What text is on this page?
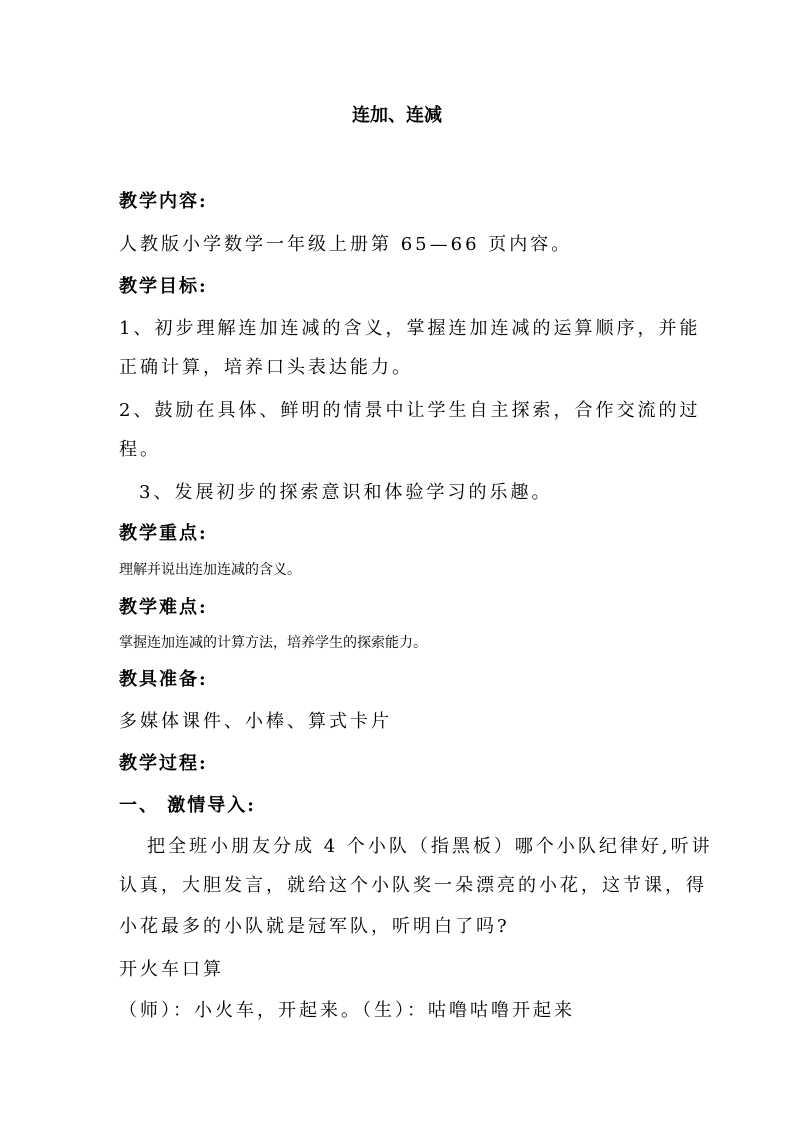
连加、连减
教学内容:
人教版小学数学一年级上册第 65—66 页内容。
教学目标:
1、初步理解连加连减的含义，掌握连加连减的运算顺序，并能
正确计算，培养口头表达能力。
2、鼓励在具体、鲜明的情景中让学生自主探索，合作交流的过
程。
3、发展初步的探索意识和体验学习的乐趣。
教学重点:
理解并说出连加连减的含义。
教学难点:
掌握连加连减的计算方法，培养学生的探索能力。
教具准备:
多媒体课件、小棒、算式卡片
教学过程:
一、 激情导入:
把全班小朋友分成 4 个小队（指黑板）哪个小队纪律好,听讲
认真，大胆发言，就给这个小队奖一朵漂亮的小花，这节课，得
小花最多的小队就是冠军队，听明白了吗?
开火车口算
（师）：小火车，开起来。（生）：咕噜咕噜开起来
